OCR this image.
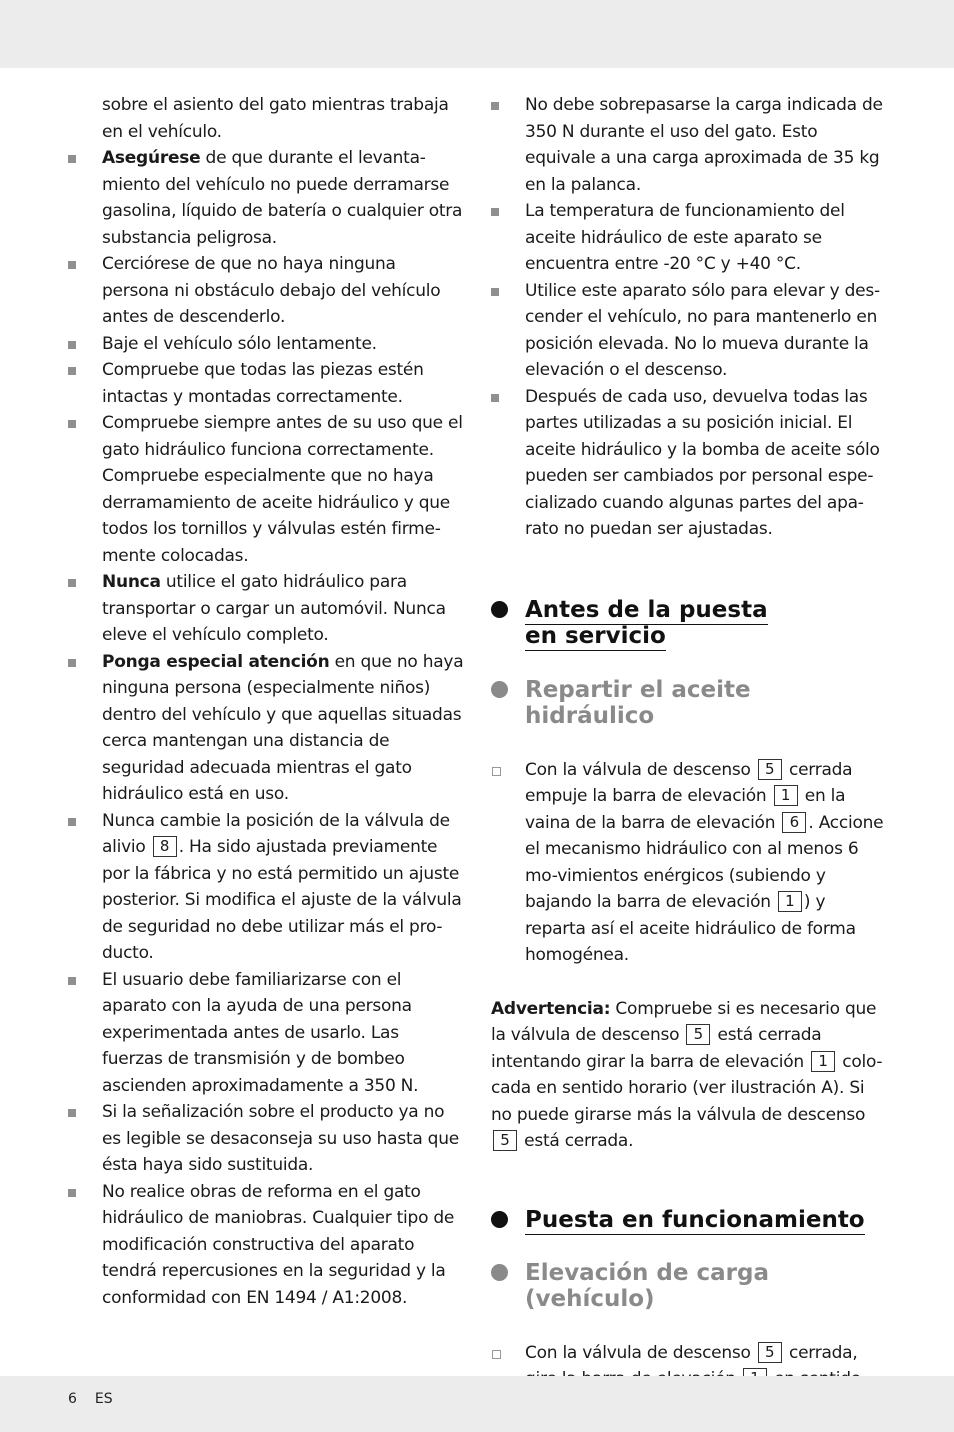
sobre el asiento del gato mientras trabaja
en el vehículo.

Asegúrese de que durante el levanta-miento del vehículo no puede derramarse gasolina, líquido de batería o cualquier otra substancia peligrosa.

Cerciórese de que no haya ninguna persona ni obstáculo debajo del vehículo antes de descenderlo.

Baje el vehículo sólo lentamente.

Compruebe que todas las piezas estén intactas y montadas correctamente.

Compruebe siempre antes de su uso que el gato hidráulico funciona correctamente. Compruebe especialmente que no haya derramamiento de aceite hidráulico y que todos los tornillos y válvulas estén firme-mente colocadas.

Nunca utilice el gato hidráulico para transportar o cargar un automóvil. Nunca eleve el vehículo completo.

Ponga especial atención en que no haya ninguna persona (especialmente niños) dentro del vehículo y que aquellas situadas cerca mantengan una distancia de seguridad adecuada mientras el gato hidráulico está en uso.

Nunca cambie la posición de la válvula de alivio 8 . Ha sido ajustada previamente por la fábrica y no está permitido un ajuste posterior. Si modifica el ajuste de la válvula de seguridad no debe utilizar más el pro-ducto.

El usuario debe familiarizarse con el aparato con la ayuda de una persona experimentada antes de usarlo. Las fuerzas de transmisión y de bombeo ascienden aproximadamente a 350 N.

Si la señalización sobre el producto ya no es legible se desaconseja su uso hasta que ésta haya sido sustituida.

No realice obras de reforma en el gato hidráulico de maniobras. Cualquier tipo de modificación constructiva del aparato tendrá repercusiones en la seguridad y la conformidad con EN 1494 / A1:2008.

No debe sobrepasarse la carga indicada de 350 N durante el uso del gato. Esto equivale a una carga aproximada de 35 kg en la palanca.

La temperatura de funcionamiento del aceite hidráulico de este aparato se encuentra entre -20 °C y +40 °C.

Utilice este aparato sólo para elevar y des-cender el vehículo, no para mantenerlo en posición elevada. No lo mueva durante la elevación o el descenso.

Después de cada uso, devuelva todas las partes utilizadas a su posición inicial. El aceite hidráulico y la bomba de aceite sólo pueden ser cambiados por personal espe-cializado cuando algunas partes del apa-rato no puedan ser ajustadas.

Antes de la puesta
en servicio
Repartir el aceite hidráulico

Con la válvula de descenso 5 cerrada empuje la barra de elevación 1 en la vaina de la barra de elevación 6 . Accione el mecanismo hidráulico con al menos 6 mo-vimientos enérgicos (subiendo y bajando la barra de elevación 1 ) y reparta así el aceite hidráulico de forma homogénea.

Advertencia: Compruebe si es necesario que la válvula de descenso 5 está cerrada intentando girar la barra de elevación 1 colo-cada en sentido horario (ver ilustración A). Si no puede girarse más la válvula de descenso 5 está cerrada.

Puesta en funcionamiento
Elevación de carga (vehículo)

Con la válvula de descenso 5 cerrada,

6 ES
